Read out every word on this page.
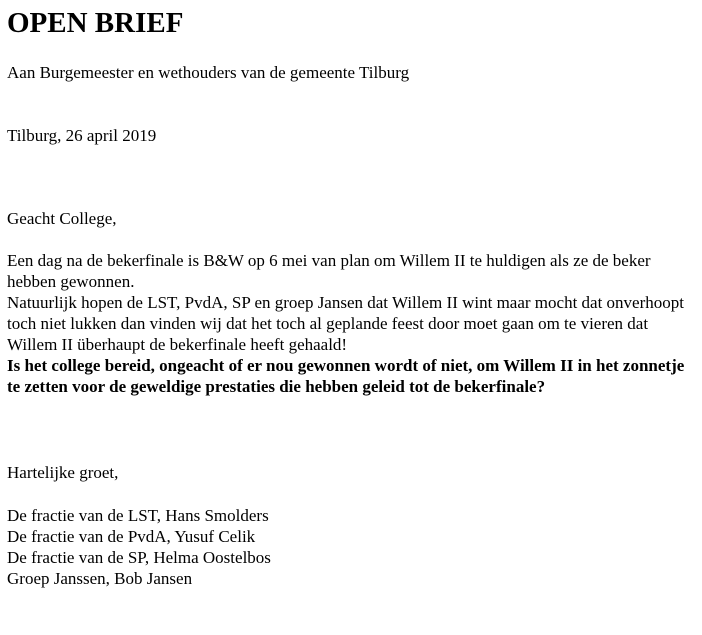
OPEN BRIEF

Aan Burgemeester en wethouders van de gemeente Tilburg

Tilburg, 26 april 2019

Geacht College,

Een dag na de bekerfinale is B&W op 6 mei van plan om Willem II te huldigen als ze de beker hebben gewonnen.

Natuurlijk hopen de LST, PvdA, SP en groep Jansen dat Willem II wint maar mocht dat onverhoopt toch niet lukken dan vinden wij dat het toch al geplande feest door moet gaan om te vieren dat Willem II überhaupt de bekerfinale heeft gehaald!

Is het college bereid, ongeacht of er nou gewonnen wordt of niet, om Willem II in het zonnetje te zetten voor de geweldige prestaties die hebben geleid tot de bekerfinale?

Hartelijke groet,

De fractie van de LST, Hans Smolders
De fractie van de PvdA, Yusuf Celik
De fractie van de SP, Helma Oostelbos
Groep Janssen, Bob Jansen
